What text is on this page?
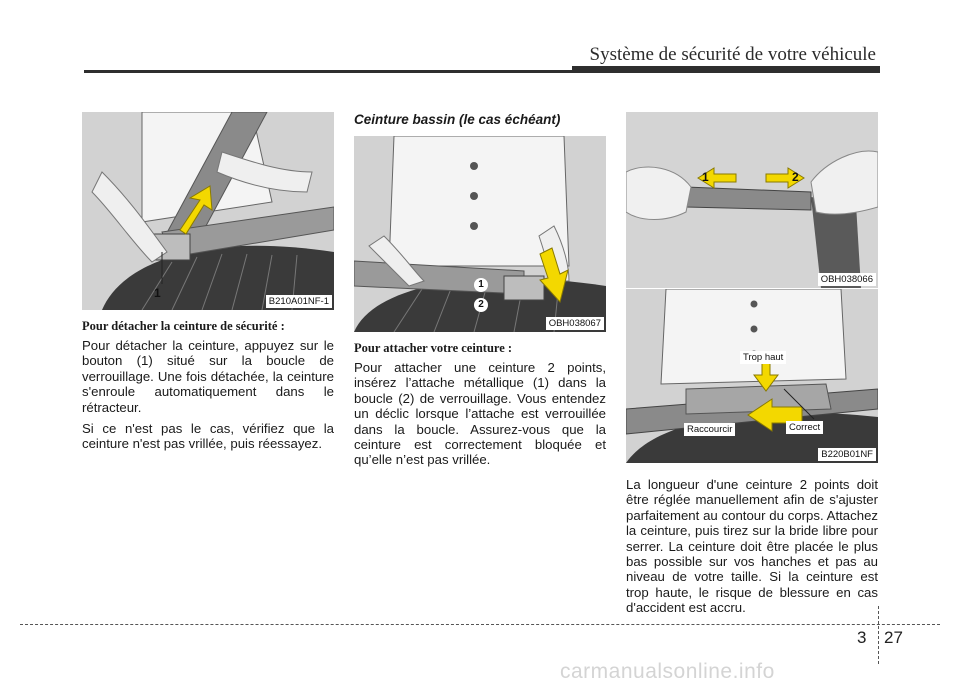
Système de sécurité de votre véhicule
1
B210A01NF-1
Pour détacher la ceinture de sécurité :

Pour détacher la ceinture, appuyez sur le bouton (1) situé sur la boucle de verrouillage. Une fois détachée, la ceinture s'enroule automatiquement dans le rétracteur.

Si ce n'est pas le cas, vérifiez que la ceinture n'est pas vrillée, puis réessayez.

Ceinture bassin (le cas échéant)
1
2
OBH038067
Pour attacher votre ceinture :

Pour attacher une ceinture 2 points, insérez l’attache métallique (1) dans la boucle (2) de verrouillage. Vous entendez un déclic lorsque l’attache est verrouillée dans la boucle. Assurez-vous que la ceinture est correctement bloquée et qu’elle n’est pas vrillée.

1	2
OBH038066
Trop haut
Raccourcir	Correct
B220B01NF

La longueur d'une ceinture 2 points doit être réglée manuellement afin de s'ajuster parfaitement au contour du corps. Attachez la ceinture, puis tirez sur la bride libre pour serrer. La ceinture doit être placée le plus bas possible sur vos hanches et pas au niveau de votre taille. Si la ceinture est trop haute, le risque de blessure en cas d'accident est accru.

3 27
carmanualsonline.info
